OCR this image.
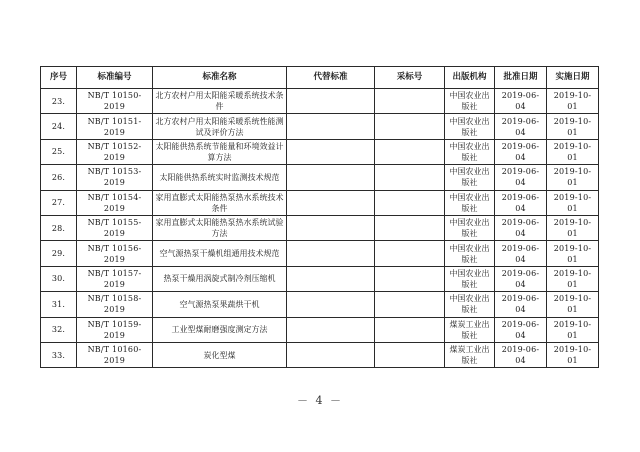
序号	标准编号	标准名称	代替标准	采标号	出版机构	批准日期	实施日期
23.	NB/T 10150-2019	北方农村户用太阳能采暖系统技术条件			中国农业出版社	2019-06-04	2019-10-01
24.	NB/T 10151-2019	北方农村户用太阳能采暖系统性能测试及评价方法			中国农业出版社	2019-06-04	2019-10-01
25.	NB/T 10152-2019	太阳能供热系统节能量和环境效益计算方法			中国农业出版社	2019-06-04	2019-10-01
26.	NB/T 10153-2019	太阳能供热系统实时监测技术规范			中国农业出版社	2019-06-04	2019-10-01
27.	NB/T 10154-2019	家用直膨式太阳能热泵热水系统技术条件			中国农业出版社	2019-06-04	2019-10-01
28.	NB/T 10155-2019	家用直膨式太阳能热泵热水系统试验方法			中国农业出版社	2019-06-04	2019-10-01
29.	NB/T 10156-2019	空气源热泵干燥机组通用技术规范			中国农业出版社	2019-06-04	2019-10-01
30.	NB/T 10157-2019	热泵干燥用涡旋式制冷剂压缩机			中国农业出版社	2019-06-04	2019-10-01
31.	NB/T 10158-2019	空气源热泵果蔬烘干机			中国农业出版社	2019-06-04	2019-10-01
32.	NB/T 10159-2019	工业型煤耐磨强度测定方法			煤炭工业出版社	2019-06-04	2019-10-01
33.	NB/T 10160-2019	炭化型煤			煤炭工业出版社	2019-06-04	2019-10-01
－ 4 －
